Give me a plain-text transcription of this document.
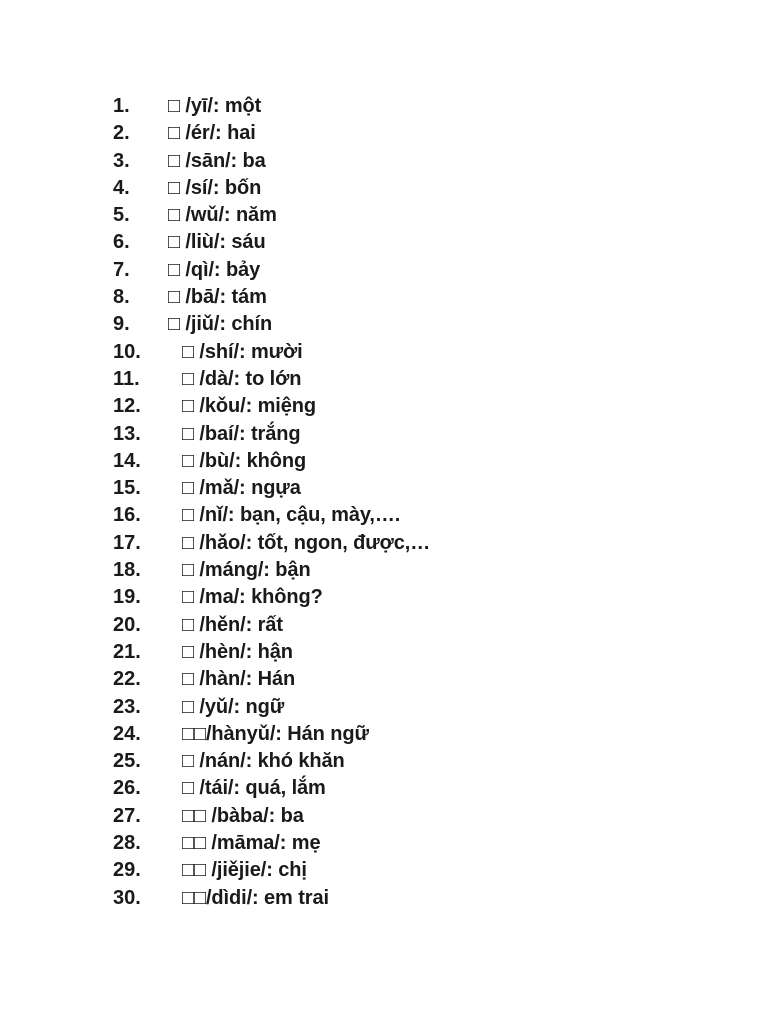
1. □ /yī/: một
2. □ /ér/: hai
3. □ /sān/: ba
4. □ /sí/: bốn
5. □ /wǔ/: năm
6. □ /liù/: sáu
7. □ /qì/: bảy
8. □ /bā/: tám
9. □ /jiǔ/: chín
10. □ /shí/: mười
11. □ /dà/: to lớn
12. □ /kǒu/: miệng
13. □ /baí/: trắng
14. □ /bù/: không
15. □ /mǎ/: ngựa
16. □ /nǐ/: bạn, cậu, mày,….
17. □ /hǎo/: tốt, ngon, được,…
18. □ /máng/: bận
19. □ /ma/: không?
20. □ /hěn/: rất
21. □ /hèn/: hận
22. □ /hàn/: Hán
23. □ /yǔ/: ngữ
24. □□/hànyǔ/: Hán ngữ
25. □ /nán/: khó khăn
26. □ /tái/: quá, lắm
27. □□ /bàba/: ba
28. □□ /māma/: mẹ
29. □□ /jiějie/: chị
30. □□/dìdi/: em trai
